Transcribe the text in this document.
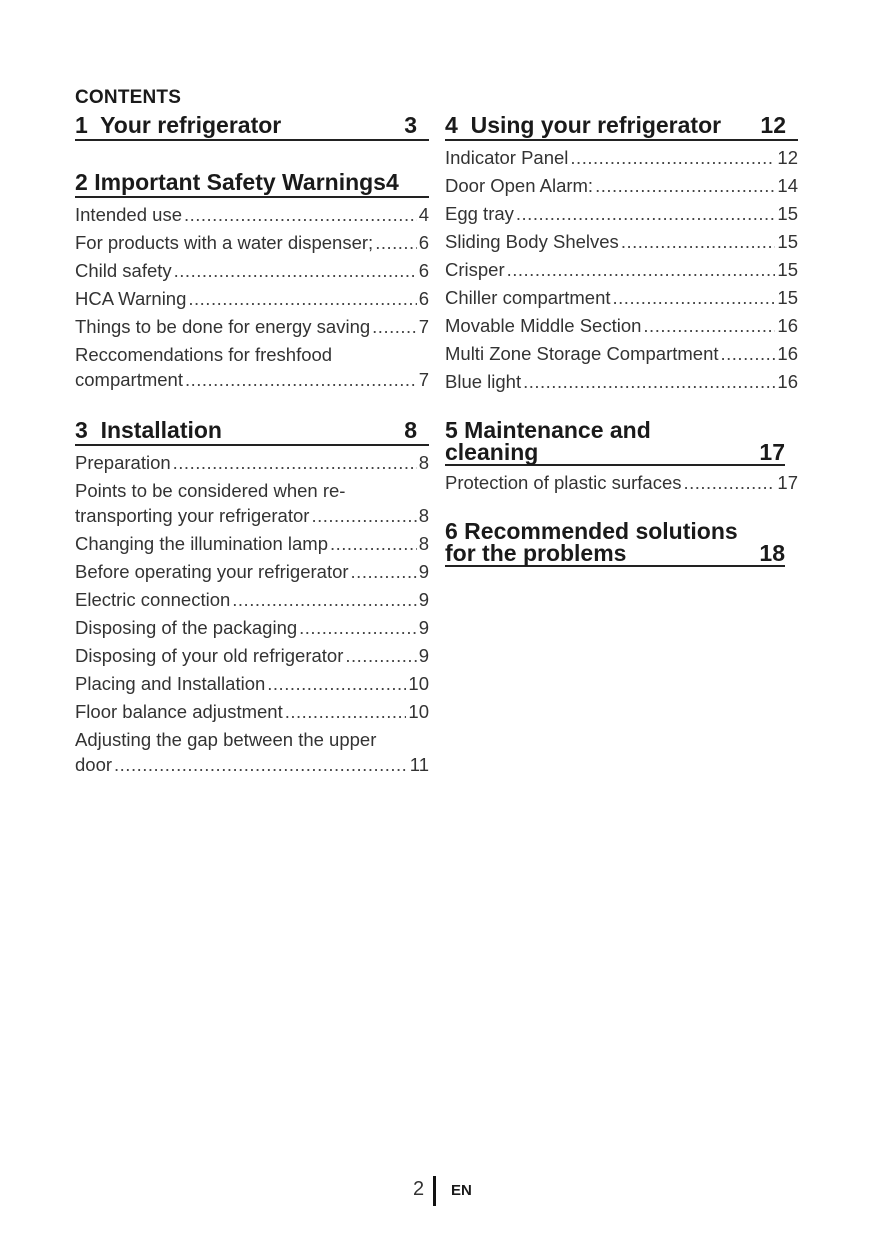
CONTENTS
1 Your refrigerator	3
2 Important Safety Warnings4
Intended use .....	4
For products with a water dispenser; ..... 6
Child safety .....	6
HCA Warning .....	6
Things to be done for energy saving .....	7
Reccomendations for freshfood
compartment .....	7
3 Installation	8
Preparation .....	8
Points to be considered when re-
transporting your refrigerator .....	8
Changing the illumination lamp .....	8
Before operating your refrigerator .....	9
Electric connection .....	9
Disposing of the packaging .....	9
Disposing of your old refrigerator .....	9
Placing and Installation .....	10
Floor balance adjustment .....	10
Adjusting the gap between the upper
door .....	11
4 Using your refrigerator 12
Indicator Panel .....	12
Door Open Alarm: .....	14
Egg tray .....	15
Sliding Body Shelves .....	15
Crisper .....	15
Chiller compartment .....	15
Movable Middle Section .....	16
Multi Zone Storage Compartment .....	16
Blue light .....	16
5 Maintenance and
cleaning	17
Protection of plastic surfaces .....	17
6 Recommended solutions
for the problems	18
2 EN
